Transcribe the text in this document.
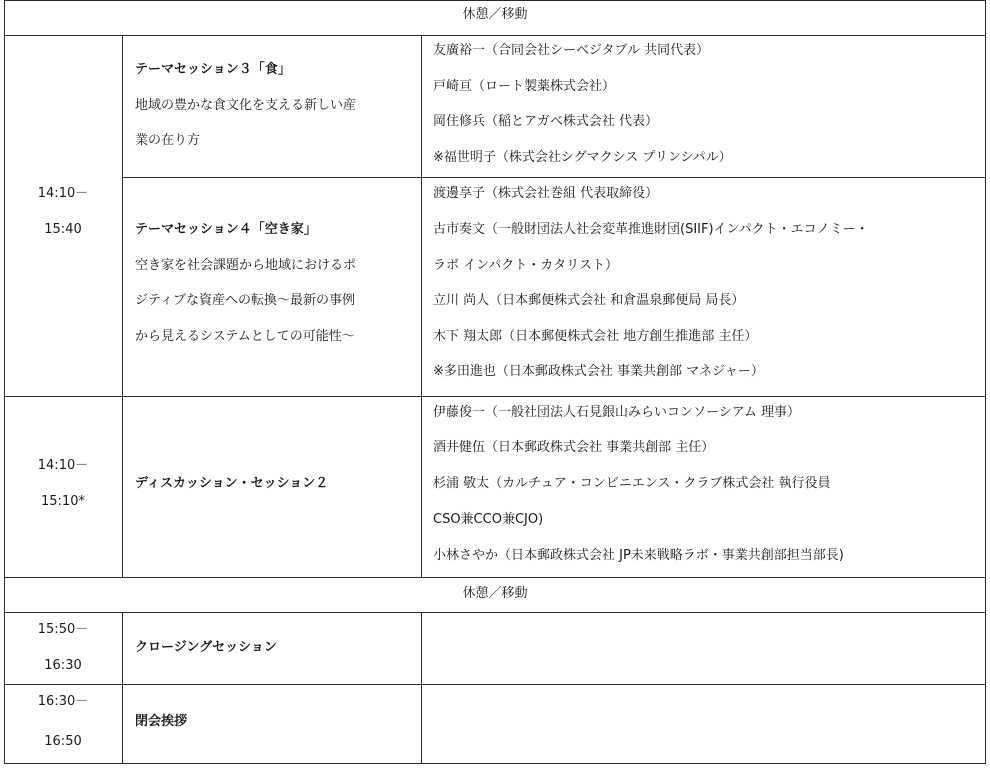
休憩／移動
14:10－
15:40
テーマセッション３「食」
地域の豊かな食文化を支える新しい産
業の在り方
友廣裕一（合同会社シーベジタブル 共同代表）
戸崎亘（ロート製薬株式会社）
岡住修兵（稲とアガベ株式会社 代表）
※福世明子（株式会社シグマクシス プリンシパル）
テーマセッション４「空き家」
空き家を社会課題から地域におけるポ
ジティブな資産への転換～最新の事例
から見えるシステムとしての可能性～
渡邊享子（株式会社巻組 代表取締役）
古市奏文（一般財団法人社会変革推進財団(SIIF)インパクト・エコノミー・
ラボ インパクト・カタリスト）
立川 尚人（日本郵便株式会社 和倉温泉郵便局 局長）
木下 翔太郎（日本郵便株式会社 地方創生推進部 主任）
※多田進也（日本郵政株式会社 事業共創部 マネジャー）
14:10－
15:10*
ディスカッション・セッション２
伊藤俊一（一般社団法人石見銀山みらいコンソーシアム 理事）
酒井健伍（日本郵政株式会社 事業共創部 主任）
杉浦 敬太（カルチュア・コンビニエンス・クラブ株式会社 執行役員
CSO兼CCO兼CJO)
小林さやか（日本郵政株式会社 JP未来戦略ラボ・事業共創部担当部長)
休憩／移動
15:50－
16:30
クロージングセッション
16:30－
16:50
閉会挨拶
